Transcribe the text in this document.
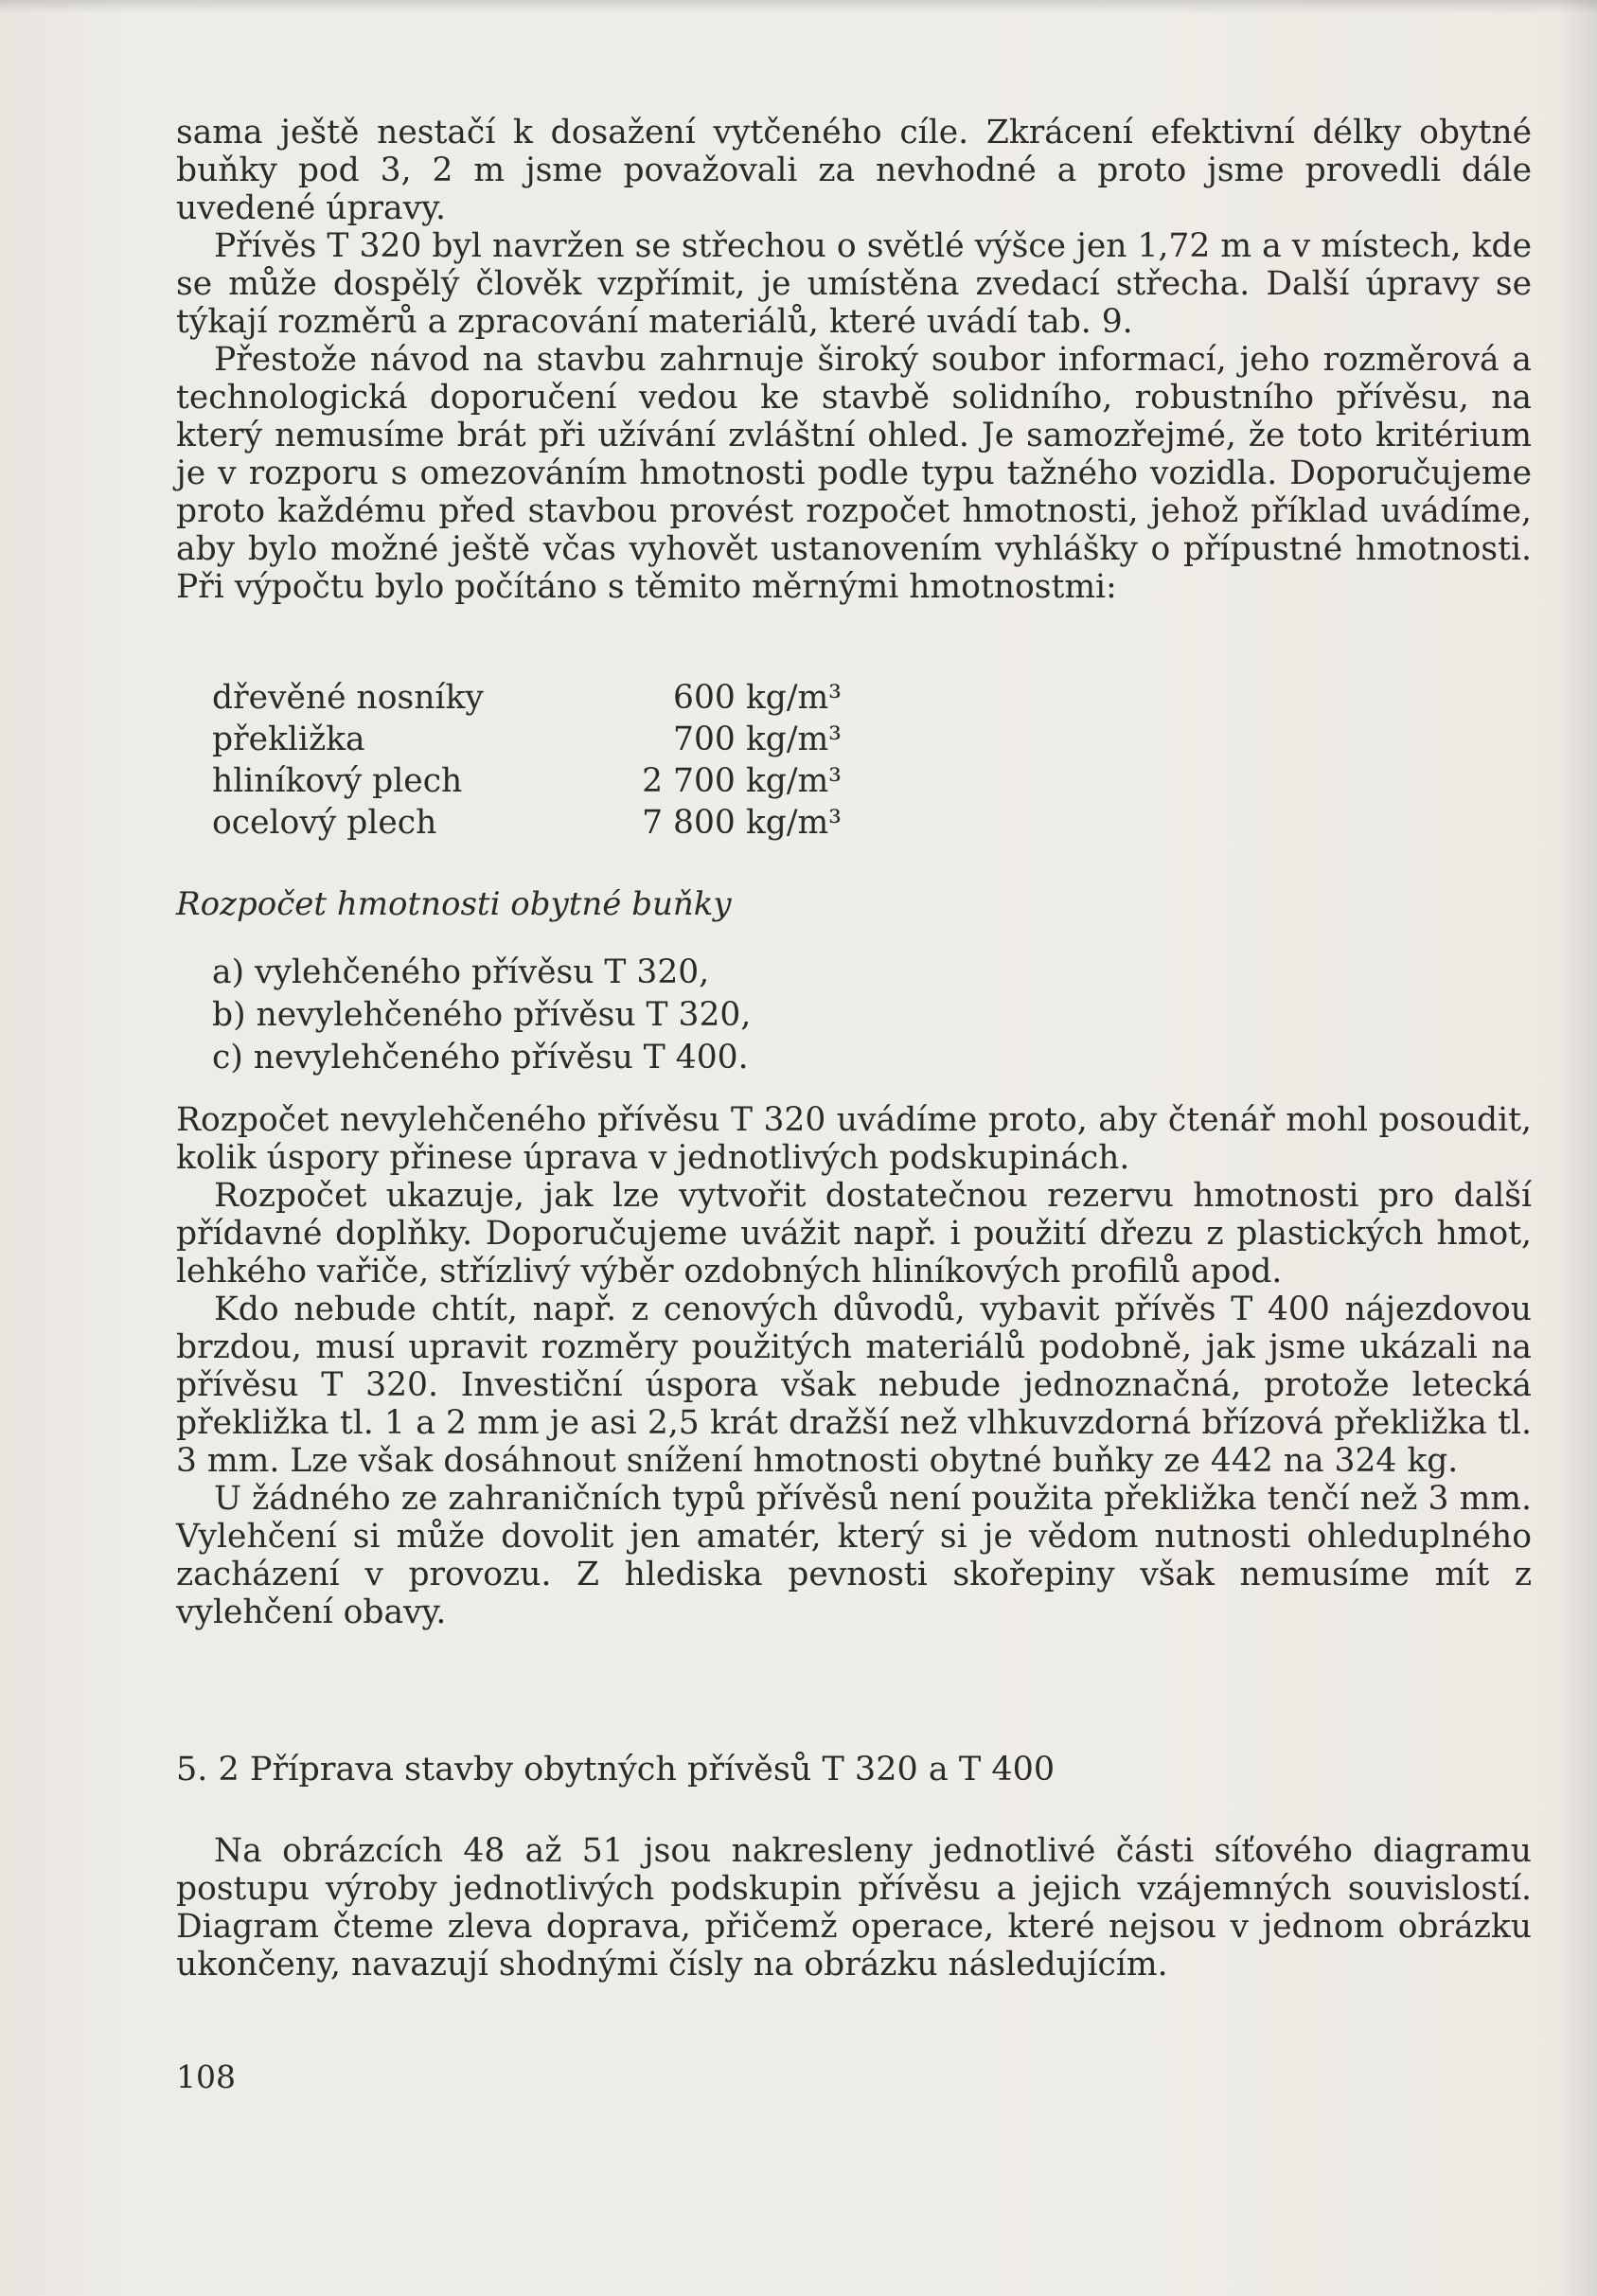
sama ještě nestačí k dosažení vytčeného cíle. Zkrácení efektivní délky obytné buňky pod 3, 2 m jsme považovali za nevhodné a proto jsme provedli dále uvedené úpravy.

Přívěs T 320 byl navržen se střechou o světlé výšce jen 1,72 m a v místech, kde se může dospělý člověk vzpřímit, je umístěna zvedací střecha. Další úpravy se týkají rozměrů a zpracování materiálů, které uvádí tab. 9.

Přestože návod na stavbu zahrnuje široký soubor informací, jeho rozměrová a technologická doporučení vedou ke stavbě solidního, robustního přívěsu, na který nemusíme brát při užívání zvláštní ohled. Je samozřejmé, že toto kritérium je v rozporu s omezováním hmotnosti podle typu tažného vozidla. Doporučujeme proto každému před stavbou provést rozpočet hmotnosti, jehož příklad uvádíme, aby bylo možné ještě včas vyhovět ustanovením vyhlášky o přípustné hmotnosti. Při výpočtu bylo počítáno s těmito měrnými hmotnostmi:

dřevěné nosníky	600 kg/m³
překližka	700 kg/m³
hliníkový plech	2 700 kg/m³
ocelový plech	7 800 kg/m³

Rozpočet hmotnosti obytné buňky

a) vylehčeného přívěsu T 320,
b) nevylehčeného přívěsu T 320,
c) nevylehčeného přívěsu T 400.

Rozpočet nevylehčeného přívěsu T 320 uvádíme proto, aby čtenář mohl posoudit, kolik úspory přinese úprava v jednotlivých podskupinách.

Rozpočet ukazuje, jak lze vytvořit dostatečnou rezervu hmotnosti pro další přídavné doplňky. Doporučujeme uvážit např. i použití dřezu z plastických hmot, lehkého vařiče, střízlivý výběr ozdobných hliníkových profilů apod.

Kdo nebude chtít, např. z cenových důvodů, vybavit přívěs T 400 nájezdovou brzdou, musí upravit rozměry použitých materiálů podobně, jak jsme ukázali na přívěsu T 320. Investiční úspora však nebude jednoznačná, protože letecká překližka tl. 1 a 2 mm je asi 2,5 krát dražší než vlhkuvzdorná břízová překližka tl. 3 mm. Lze však dosáhnout snížení hmotnosti obytné buňky ze 442 na 324 kg.

U žádného ze zahraničních typů přívěsů není použita překližka tenčí než 3 mm. Vylehčení si může dovolit jen amatér, který si je vědom nutnosti ohleduplného zacházení v provozu. Z hlediska pevnosti skořepiny však nemusíme mít z vylehčení obavy.

5. 2 Příprava stavby obytných přívěsů T 320 a T 400

Na obrázcích 48 až 51 jsou nakresleny jednotlivé části síťového diagramu postupu výroby jednotlivých podskupin přívěsu a jejich vzájemných souvislostí. Diagram čteme zleva doprava, přičemž operace, které nejsou v jednom obrázku ukončeny, navazují shodnými čísly na obrázku následujícím.

108
